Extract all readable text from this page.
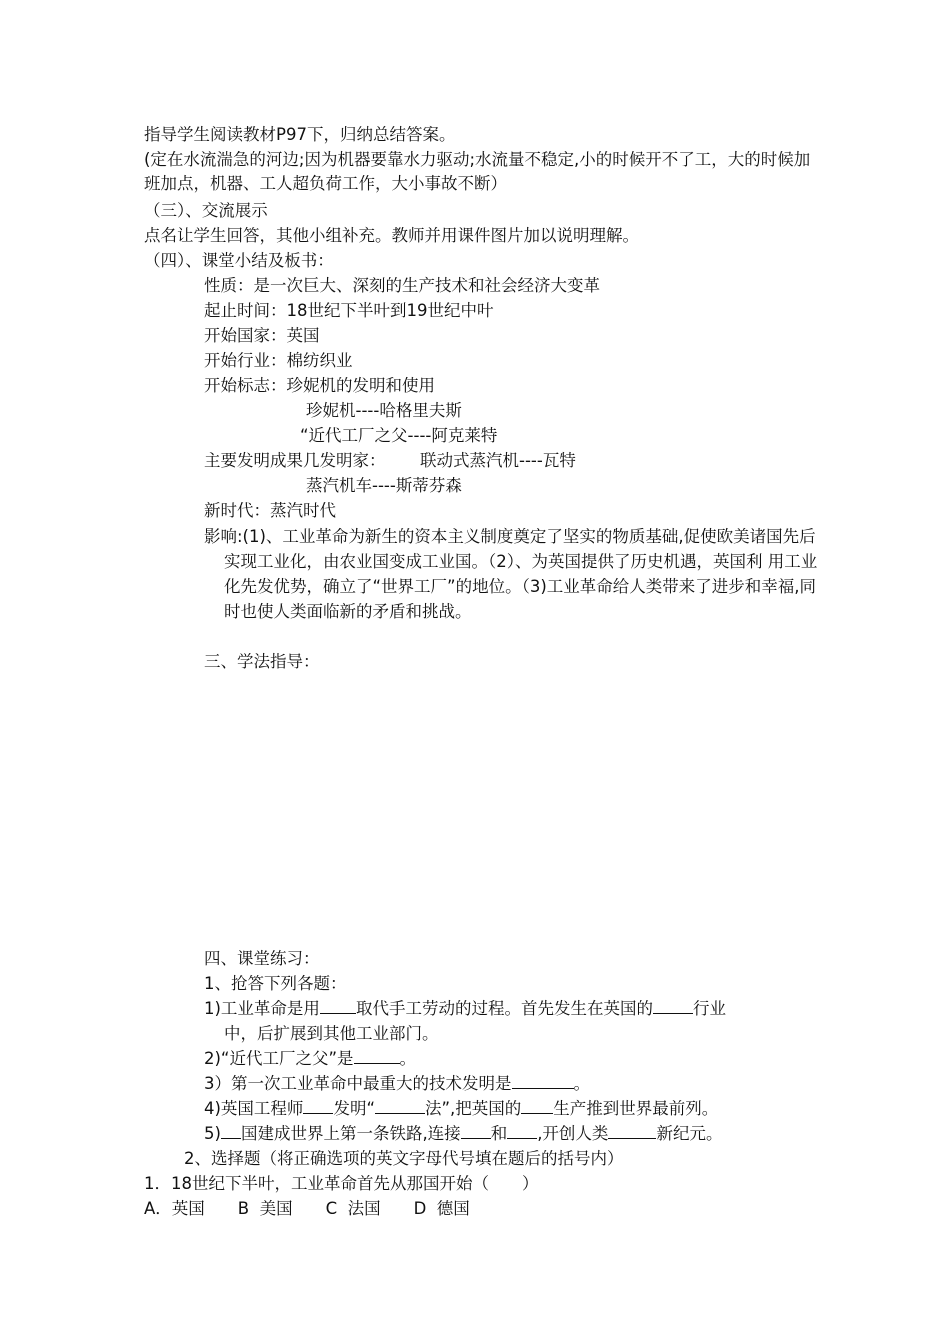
指导学生阅读教材P97下，归纳总结答案。
(定在水流湍急的河边;因为机器要靠水力驱动;水流量不稳定,小的时候开不了工，大的时候加班加点，机器、工人超负荷工作，大小事故不断）
（三）、交流展示
点名让学生回答，其他小组补充。教师并用课件图片加以说明理解。
（四）、课堂小结及板书：
性质：是一次巨大、深刻的生产技术和社会经济大变革
起止时间：18世纪下半叶到19世纪中叶
开始国家：英国
开始行业：棉纺织业
开始标志：珍妮机的发明和使用
珍妮机----哈格里夫斯
“近代工厂之父----阿克莱特
主要发明成果几发明家： 联动式蒸汽机----瓦特
蒸汽机车----斯蒂芬森
新时代：蒸汽时代
影响:(1)、工业革命为新生的资本主义制度奠定了坚实的物质基础,促使欧美诸国先后实现工业化，由农业国变成工业国。（2）、为英国提供了历史机遇，英国利 用工业化先发优势，确立了“世界工厂”的地位。（3)工业革命给人类带来了进步和幸福,同时也使人类面临新的矛盾和挑战。
三、学法指导：
四、课堂练习：
1、抢答下列各题：
1)工业革命是用 取代手工劳动的过程。首先发生在英国的 行业
中，后扩展到其他工业部门。
2)“近代工厂之父”是	。
3）第一次工业革命中最重大的技术发明是	。
4)英国工程师 发明“	法”,把英国的 生产推到世界最前列。
5) 国建成世界上第一条铁路,连接 和 ,开创人类	新纪元。
2、选择题（将正确选项的英文字母代号填在题后的括号内）
1．18世纪下半叶，工业革命首先从那国开始（　　）
A．英国　　B  美国　　C  法国　　D  德国
